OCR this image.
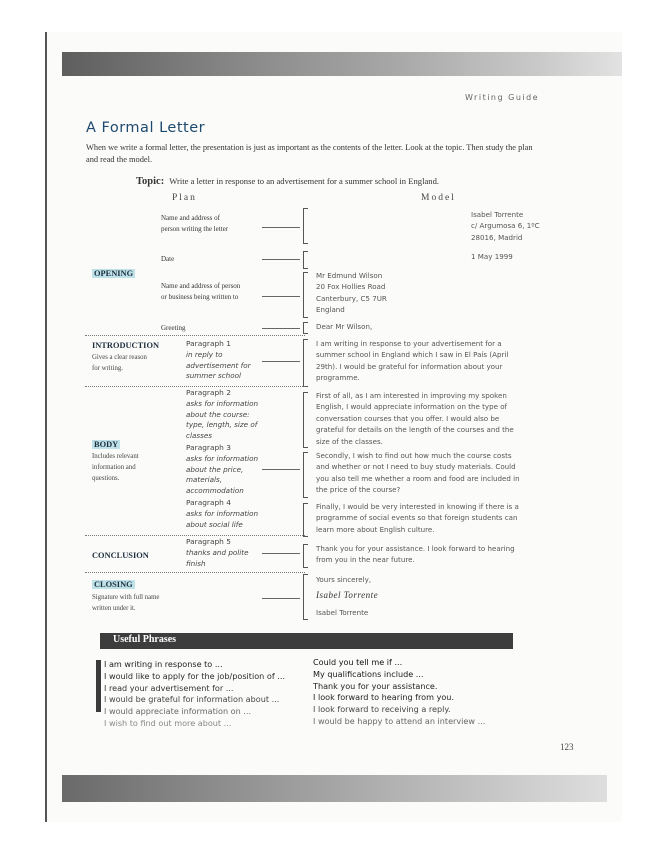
Writing Guide
A Formal Letter
When we write a formal letter, the presentation is just as important as the contents of the letter. Look at the topic. Then study the plan and read the model.
Topic: Write a letter in response to an advertisement for a summer school in England.
Plan	Model
Name and address of
person writing the letter
Date
OPENING
Name and address of person
or business being written to
Greeting
Isabel Torrente
c/ Argumosa 6, 1ºC
28016, Madrid
1 May 1999
Mr Edmund Wilson
20 Fox Hollies Road
Canterbury, C5 7UR
England
Dear Mr Wilson,
INTRODUCTION
Gives a clear reason
for writing.
Paragraph 1
in reply to
advertisement for
summer school
I am writing in response to your advertisement for a
summer school in England which I saw in El País (April
29th). I would be grateful for information about your
programme.
Paragraph 2
asks for information
about the course:
type, length, size of
classes
First of all, as I am interested in improving my spoken
English, I would appreciate information on the type of
conversation courses that you offer. I would also be
grateful for details on the length of the courses and the
size of the classes.
BODY
Includes relevant
information and
questions.
Paragraph 3
asks for information
about the price,
materials,
accommodation
Secondly, I wish to find out how much the course costs
and whether or not I need to buy study materials. Could
you also tell me whether a room and food are included in
the price of the course?
Paragraph 4
asks for information
about social life
Finally, I would be very interested in knowing if there is a
programme of social events so that foreign students can
learn more about English culture.
Paragraph 5
thanks and polite
finish
CONCLUSION
Thank you for your assistance. I look forward to hearing
from you in the near future.
CLOSING
Signature with full name
written under it.
Yours sincerely,
Isabel Torrente
Isabel Torrente
Useful Phrases
I am writing in response to ...
I would like to apply for the job/position of ...
I read your advertisement for ...
I would be grateful for information about ...
I would appreciate information on ...
I wish to find out more about ...
Could you tell me if ...
My qualifications include ...
Thank you for your assistance.
I look forward to hearing from you.
I look forward to receiving a reply.
I would be happy to attend an interview ...
123
